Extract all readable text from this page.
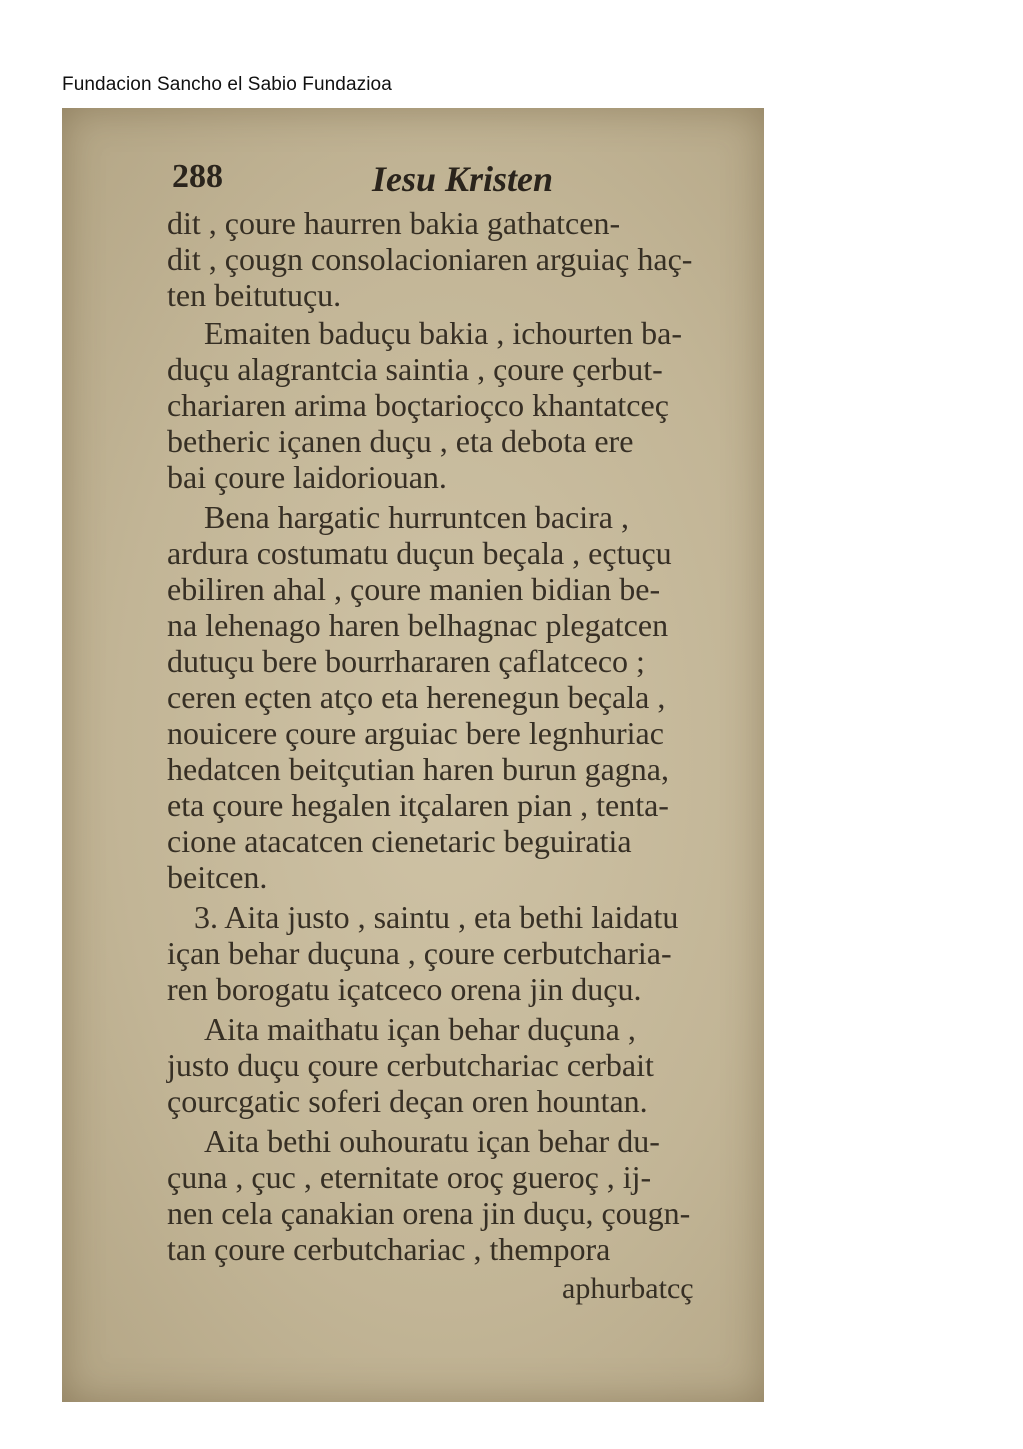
Fundacion Sancho el Sabio Fundazioa
288	Iesu Kristen
dit , çoure haurren bakia gathatcen-
dit , çougn consolacioniaren arguiaç haç-
ten beitutuçu.
Emaiten baduçu bakia , ichourten ba-
duçu alagrantcia saintia , çoure çerbut-
chariaren arima boçtarioçco khantatceç
betheric içanen duçu , eta debota ere
bai çoure laidoriouan.
Bena hargatic hurruntcen bacira ,
ardura costumatu duçun beçala , eçtuçu
ebiliren ahal , çoure manien bidian be-
na lehenago haren belhagnac plegatcen
dutuçu bere bourrhararen çaflatceco ;
ceren eçten atço eta herenegun beçala ,
nouicere çoure arguiac bere legnhuriac
hedatcen beitçutian haren burun gagna,
eta çoure hegalen itçalaren pian , tenta-
cione atacatcen cienetaric beguiratia
beitcen.
3. Aita justo , saintu , eta bethi laidatu
içan behar duçuna , çoure cerbutcharia-
ren borogatu içatceco orena jin duçu.
Aita maithatu içan behar duçuna ,
justo duçu çoure cerbutchariac cerbait
çourcgatic soferi deçan oren hountan.
Aita bethi ouhouratu içan behar du-
çuna , çuc , eternitate oroç gueroç , ij-
nen cela çanakian orena jin duçu, çougn-
tan çoure cerbutchariac , thempora
aphurbatcç
